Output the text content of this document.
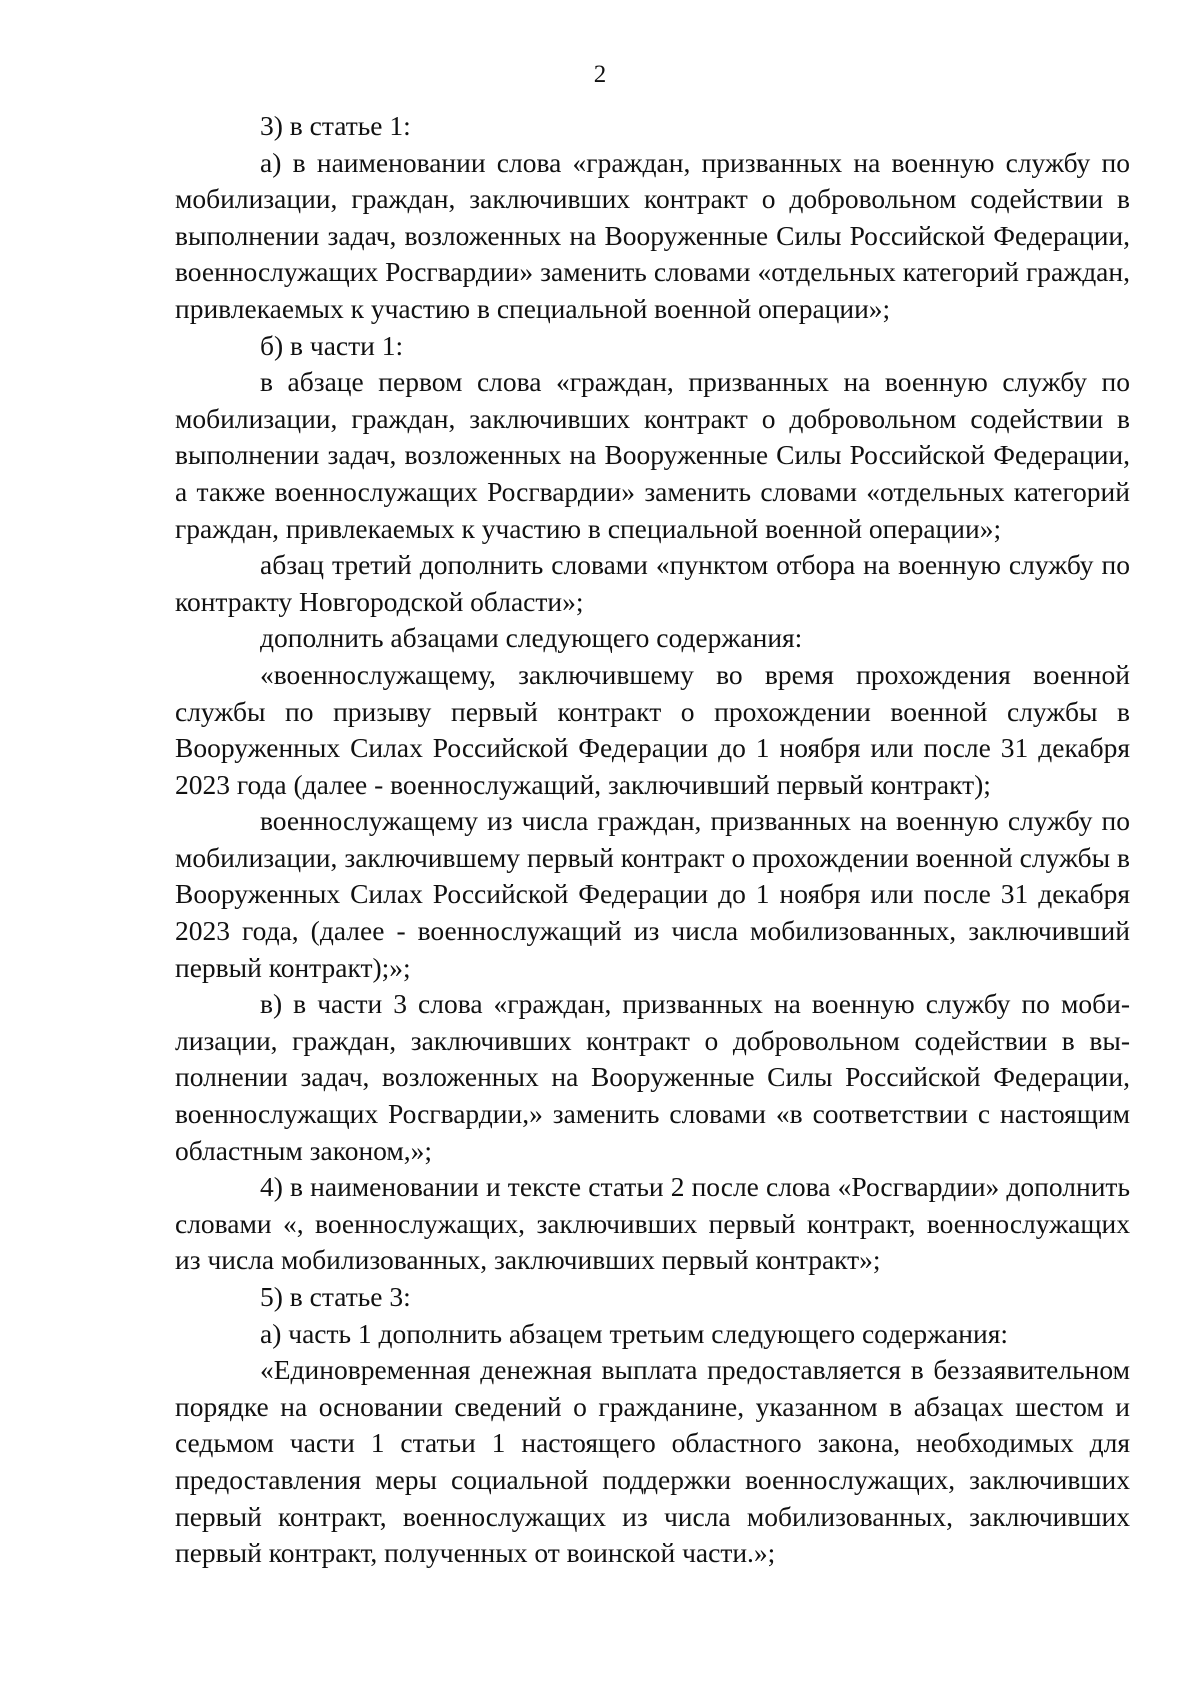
2

3) в статье 1:

а) в наименовании слова «граждан, призванных на военную службу по мобилизации, граждан, заключивших контракт о добровольном содействии в выполнении задач, возложенных на Вооруженные Силы Российской Федерации, военнослужащих Росгвардии» заменить словами «отдельных категорий граждан, привлекаемых к участию в специальной военной операции»;

б) в части 1:

в абзаце первом слова «граждан, призванных на военную службу по мобилизации, граждан, заключивших контракт о добровольном содействии в выполнении задач, возложенных на Вооруженные Силы Российской Федерации, а также военнослужащих Росгвардии» заменить словами «отдельных категорий граждан, привлекаемых к участию в специальной военной операции»;

абзац третий дополнить словами «пунктом отбора на военную службу по контракту Новгородской области»;

дополнить абзацами следующего содержания:

«военнослужащему, заключившему во время прохождения военной службы по призыву первый контракт о прохождении военной службы в Вооруженных Силах Российской Федерации до 1 ноября или после 31 декабря 2023 года (далее - военнослужащий, заключивший первый контракт);

военнослужащему из числа граждан, призванных на военную службу по мобилизации, заключившему первый контракт о прохождении военной службы в Вооруженных Силах Российской Федерации до 1 ноября или после 31 декабря 2023 года, (далее - военнослужащий из числа мобилизованных, заключивший первый контракт);»;

в) в части 3 слова «граждан, призванных на военную службу по мобилизации, граждан, заключивших контракт о добровольном содействии в выполнении задач, возложенных на Вооруженные Силы Российской Федерации, военнослужащих Росгвардии,» заменить словами «в соответствии с настоящим областным законом,»;

4) в наименовании и тексте статьи 2 после слова «Росгвардии» дополнить словами «, военнослужащих, заключивших первый контракт, военнослужащих из числа мобилизованных, заключивших первый контракт»;

5) в статье 3:

а) часть 1 дополнить абзацем третьим следующего содержания:

«Единовременная денежная выплата предоставляется в беззаявительном порядке на основании сведений о гражданине, указанном в абзацах шестом и седьмом части 1 статьи 1 настоящего областного закона, необходимых для предоставления меры социальной поддержки военнослужащих, заключивших первый контракт, военнослужащих из числа мобилизованных, заключивших первый контракт, полученных от воинской части.»;
